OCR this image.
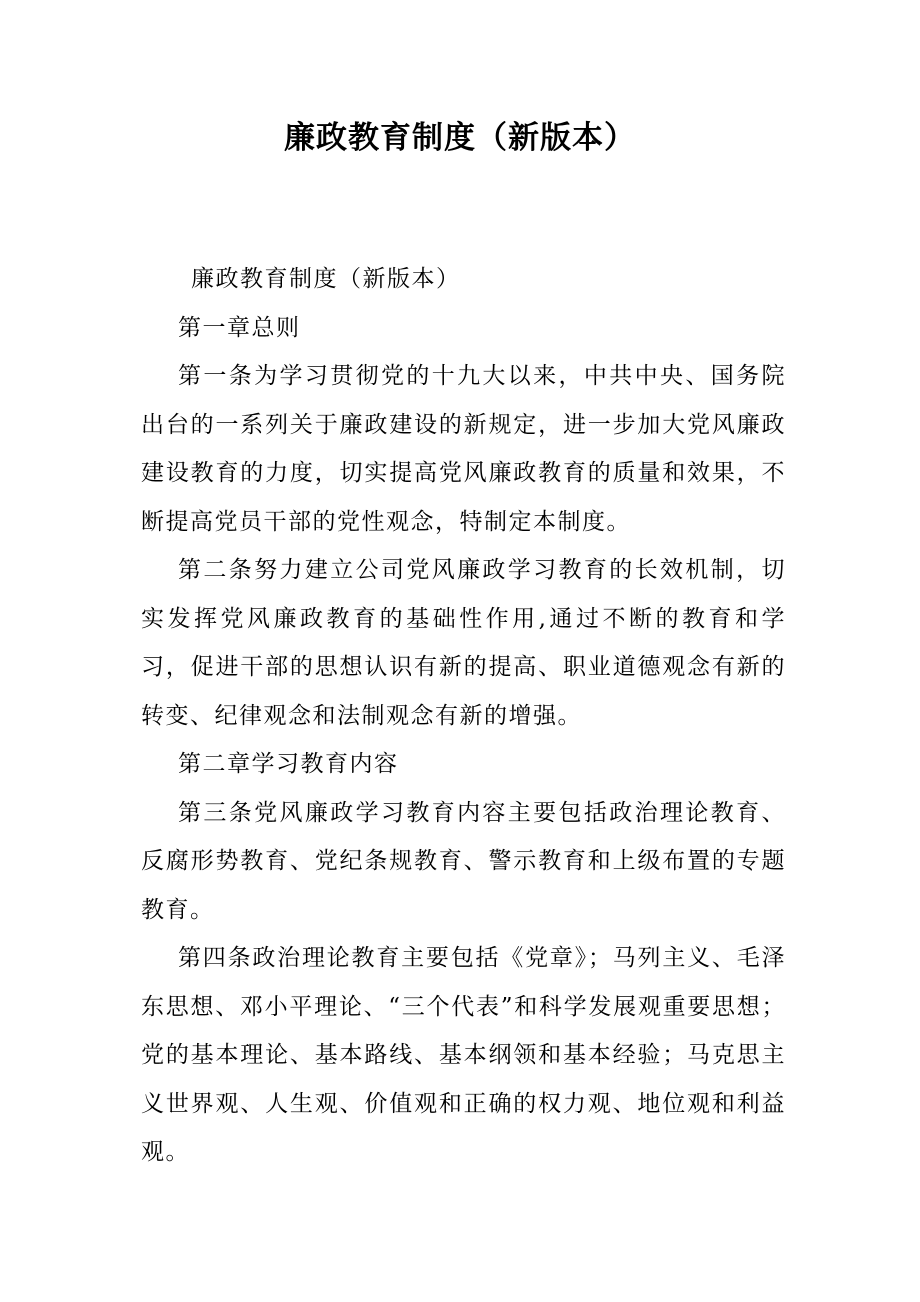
廉政教育制度（新版本）

廉政教育制度（新版本）

第一章总则

第一条为学习贯彻党的十九大以来，中共中央、国务院出台的一系列关于廉政建设的新规定，进一步加大党风廉政建设教育的力度，切实提高党风廉政教育的质量和效果，不断提高党员干部的党性观念，特制定本制度。

第二条努力建立公司党风廉政学习教育的长效机制，切实发挥党风廉政教育的基础性作用,通过不断的教育和学习，促进干部的思想认识有新的提高、职业道德观念有新的转变、纪律观念和法制观念有新的增强。

第二章学习教育内容

第三条党风廉政学习教育内容主要包括政治理论教育、反腐形势教育、党纪条规教育、警示教育和上级布置的专题教育。

第四条政治理论教育主要包括《党章》；马列主义、毛泽东思想、邓小平理论、“三个代表”和科学发展观重要思想；党的基本理论、基本路线、基本纲领和基本经验；马克思主义世界观、人生观、价值观和正确的权力观、地位观和利益观。
